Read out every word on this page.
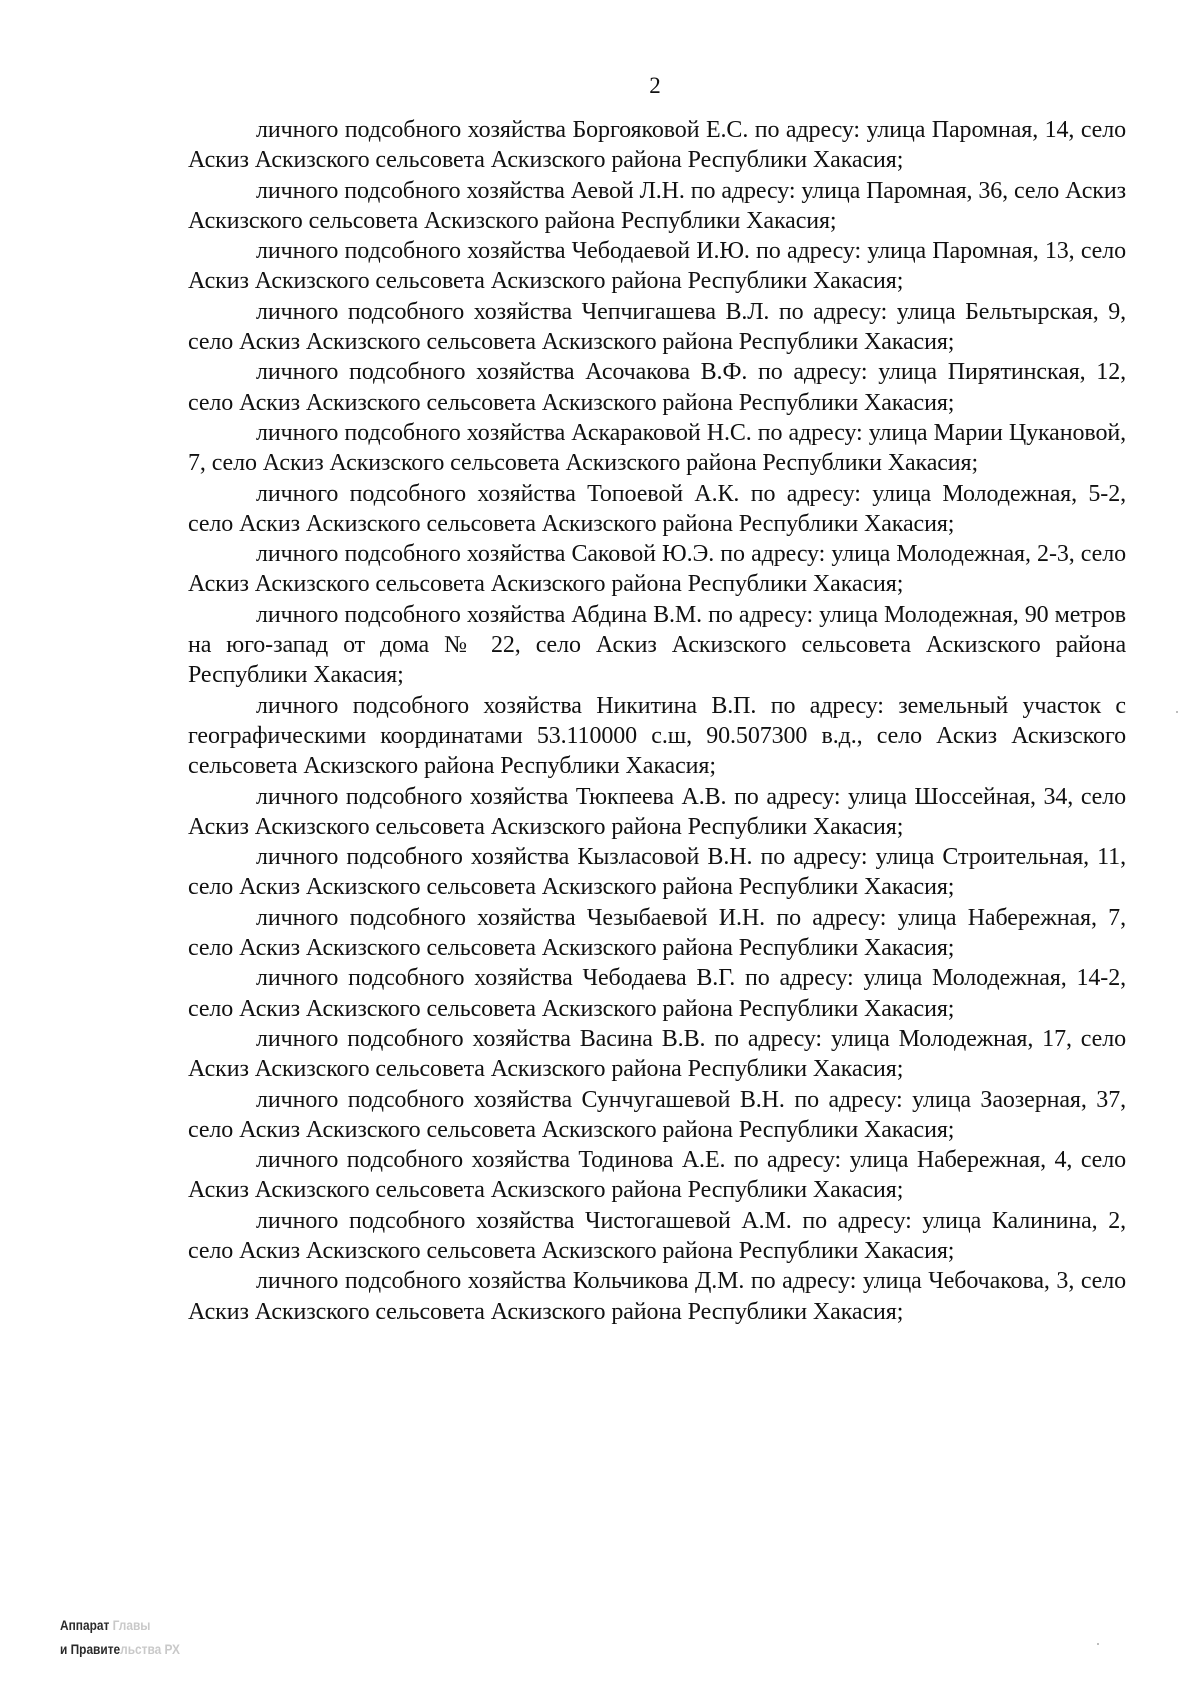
2

личного подсобного хозяйства Боргояковой Е.С. по адресу: улица Паромная, 14, село Аскиз Аскизского сельсовета Аскизского района Республики Хакасия;

личного подсобного хозяйства Аевой Л.Н. по адресу: улица Паромная, 36, село Аскиз Аскизского сельсовета Аскизского района Республики Хакасия;

личного подсобного хозяйства Чебодаевой И.Ю. по адресу: улица Паромная, 13, село Аскиз Аскизского сельсовета Аскизского района Республики Хакасия;

личного подсобного хозяйства Чепчигашева В.Л. по адресу: улица Бельтырская, 9, село Аскиз Аскизского сельсовета Аскизского района Республики Хакасия;

личного подсобного хозяйства Асочакова В.Ф. по адресу: улица Пирятинская, 12, село Аскиз Аскизского сельсовета Аскизского района Республики Хакасия;

личного подсобного хозяйства Аскараковой Н.С. по адресу: улица Марии Цукановой, 7, село Аскиз Аскизского сельсовета Аскизского района Республики Хакасия;

личного подсобного хозяйства Топоевой А.К. по адресу: улица Молодежная, 5-2, село Аскиз Аскизского сельсовета Аскизского района Республики Хакасия;

личного подсобного хозяйства Саковой Ю.Э. по адресу: улица Молодежная, 2-3, село Аскиз Аскизского сельсовета Аскизского района Республики Хакасия;

личного подсобного хозяйства Абдина В.М. по адресу: улица Молодежная, 90 метров на юго-запад от дома № 22, село Аскиз Аскизского сельсовета Аскизского района Республики Хакасия;

личного подсобного хозяйства Никитина В.П. по адресу: земельный участок с географическими координатами 53.110000 с.ш, 90.507300 в.д., село Аскиз Аскизского сельсовета Аскизского района Республики Хакасия;

личного подсобного хозяйства Тюкпеева А.В. по адресу: улица Шоссейная, 34, село Аскиз Аскизского сельсовета Аскизского района Республики Хакасия;

личного подсобного хозяйства Кызласовой В.Н. по адресу: улица Строительная, 11, село Аскиз Аскизского сельсовета Аскизского района Республики Хакасия;

личного подсобного хозяйства Чезыбаевой И.Н. по адресу: улица Набережная, 7, село Аскиз Аскизского сельсовета Аскизского района Республики Хакасия;

личного подсобного хозяйства Чебодаева В.Г. по адресу: улица Молодежная, 14-2, село Аскиз Аскизского сельсовета Аскизского района Республики Хакасия;

личного подсобного хозяйства Васина В.В. по адресу: улица Молодежная, 17, село Аскиз Аскизского сельсовета Аскизского района Республики Хакасия;

личного подсобного хозяйства Сунчугашевой В.Н. по адресу: улица Заозерная, 37, село Аскиз Аскизского сельсовета Аскизского района Республики Хакасия;

личного подсобного хозяйства Тодинова А.Е. по адресу: улица Набережная, 4, село Аскиз Аскизского сельсовета Аскизского района Республики Хакасия;

личного подсобного хозяйства Чистогашевой А.М. по адресу: улица Калинина, 2, село Аскиз Аскизского сельсовета Аскизского района Республики Хакасия;

личного подсобного хозяйства Кольчикова Д.М. по адресу: улица Чебочакова, 3, село Аскиз Аскизского сельсовета Аскизского района Республики Хакасия;

Аппарат Главы
и Правительства РХ
